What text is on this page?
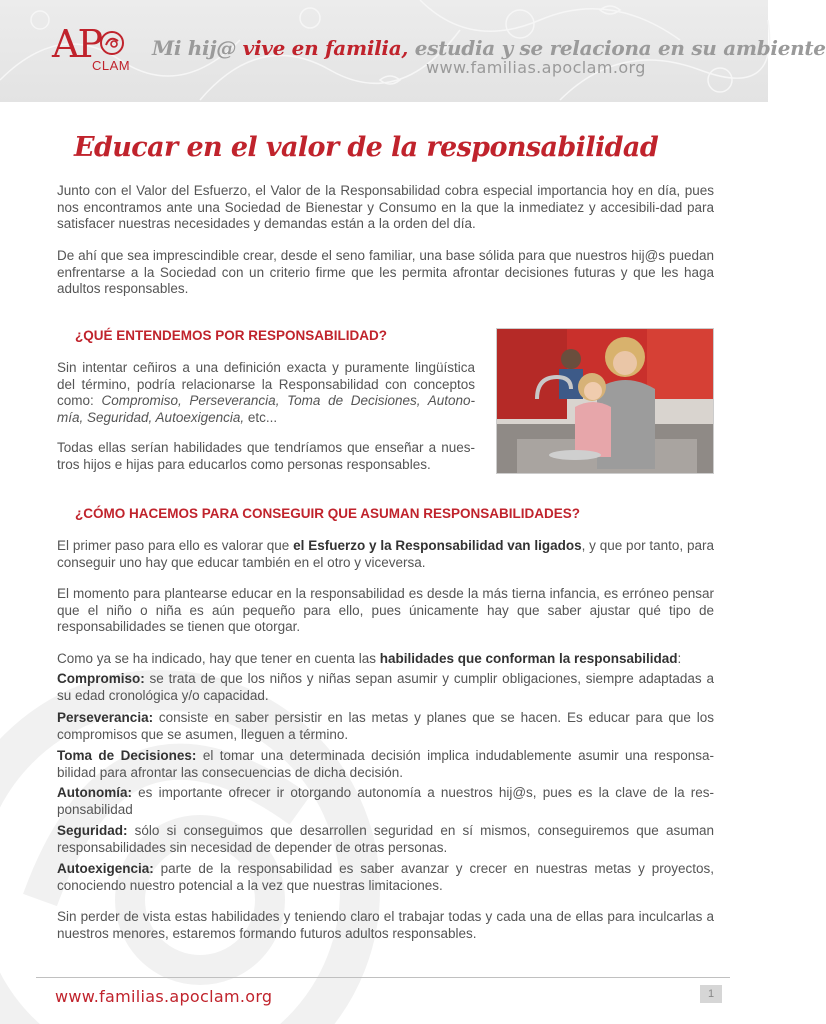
AP
CLAM
Mi hij@ vive en familia, estudia y se relaciona en su ambiente
www.familias.apoclam.org
Educar en el valor de la responsabilidad

Junto con el Valor del Esfuerzo, el Valor de la Responsabilidad cobra especial importancia hoy en día, pues nos encontramos ante una Sociedad de Bienestar y Consumo en la que la inmediatez y accesibili-dad para satisfacer nuestras necesidades y demandas están a la orden del día.

De ahí que sea imprescindible crear, desde el seno familiar, una base sólida para que nuestros hij@s puedan enfrentarse a la Sociedad con un criterio firme que les permita afrontar decisiones futuras y que les haga adultos responsables.

¿QUÉ ENTENDEMOS POR RESPONSABILIDAD?

Sin intentar ceñiros a una definición exacta y puramente lingüística del término, podría relacionarse la Responsabilidad con conceptos como: Compromiso, Perseverancia, Toma de Decisiones, Autono-mía, Seguridad, Autoexigencia, etc...

Todas ellas serían habilidades que tendríamos que enseñar a nues-tros hijos e hijas para educarlos como personas responsables.

¿CÓMO HACEMOS PARA CONSEGUIR QUE ASUMAN RESPONSABILIDADES?

El primer paso para ello es valorar que el Esfuerzo y la Responsabilidad van ligados, y que por tanto, para conseguir uno hay que educar también en el otro y viceversa.

El momento para plantearse educar en la responsabilidad es desde la más tierna infancia, es erróneo pensar que el niño o niña es aún pequeño para ello, pues únicamente hay que saber ajustar qué tipo de responsabilidades se tienen que otorgar.

Como ya se ha indicado, hay que tener en cuenta las habilidades que conforman la responsabilidad:

Compromiso: se trata de que los niños y niñas sepan asumir y cumplir obligaciones, siempre adaptadas a su edad cronológica y/o capacidad.

Perseverancia: consiste en saber persistir en las metas y planes que se hacen. Es educar para que los compromisos que se asumen, lleguen a término.

Toma de Decisiones: el tomar una determinada decisión implica indudablemente asumir una responsa-bilidad para afrontar las consecuencias de dicha decisión.

Autonomía: es importante ofrecer ir otorgando autonomía a nuestros hij@s, pues es la clave de la res-ponsabilidad

Seguridad: sólo si conseguimos que desarrollen seguridad en sí mismos, conseguiremos que asuman responsabilidades sin necesidad de depender de otras personas.

Autoexigencia: parte de la responsabilidad es saber avanzar y crecer en nuestras metas y proyectos, conociendo nuestro potencial a la vez que nuestras limitaciones.

Sin perder de vista estas habilidades y teniendo claro el trabajar todas y cada una de ellas para inculcarlas a nuestros menores, estaremos formando futuros adultos responsables.

www.familias.apoclam.org	1
